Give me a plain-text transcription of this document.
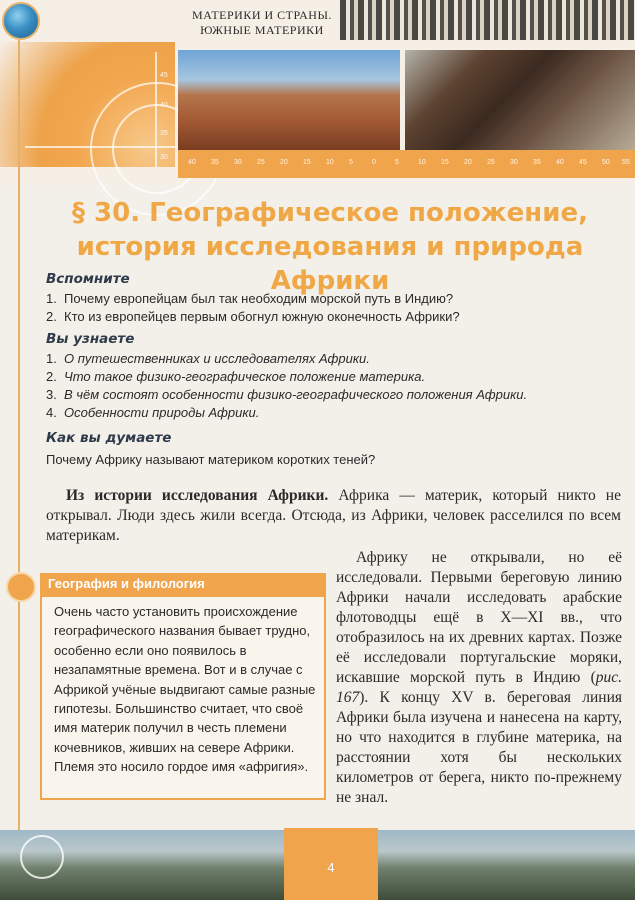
45
40
35
30
МАТЕРИКИ И СТРАНЫ.
ЮЖНЫЕ МАТЕРИКИ
40 35 30 25 20 15 10 5	0	5	10 15 20 25 30 35 40 45 50 55
§ 30. Географическое положение,
история исследования и природа Африки
Вспомните
1. Почему европейцам был так необходим морской путь в Индию?
2. Кто из европейцев первым обогнул южную оконечность Африки?
Вы узнаете
1. О путешественниках и исследователях Африки.
2. Что такое физико-географическое положение материка.
3. В чём состоят особенности физико-географического положения Африки.
4. Особенности природы Африки.
Как вы думаете
Почему Африку называют материком коротких теней?
Из истории исследования Африки. Африка — материк, который никто не открывал. Люди здесь жили всегда. Отсюда, из Африки, человек расселился по всем материкам.
География и филология
Очень часто установить происхождение географического названия бывает трудно, особенно если оно появилось в незапамятные времена. Вот и в случае с Африкой учёные выдвигают самые разные гипотезы. Большинство считает, что своё имя материк получил в честь племени кочевников, живших на севере Африки. Племя это носило гордое имя «афригия».
Африку не открывали, но её исследовали. Первыми береговую линию Африки начали исследовать арабские флотоводцы ещё в X—XI вв., что отобразилось на их древних картах. Позже её исследовали португальские моряки, искавшие морской путь в Индию (рис. 167). К концу XV в. береговая линия Африки была изучена и нанесена на карту, но что находится в глубине материка, на расстоянии хотя бы нескольких километров от берега, никто по-прежнему не знал.
4
